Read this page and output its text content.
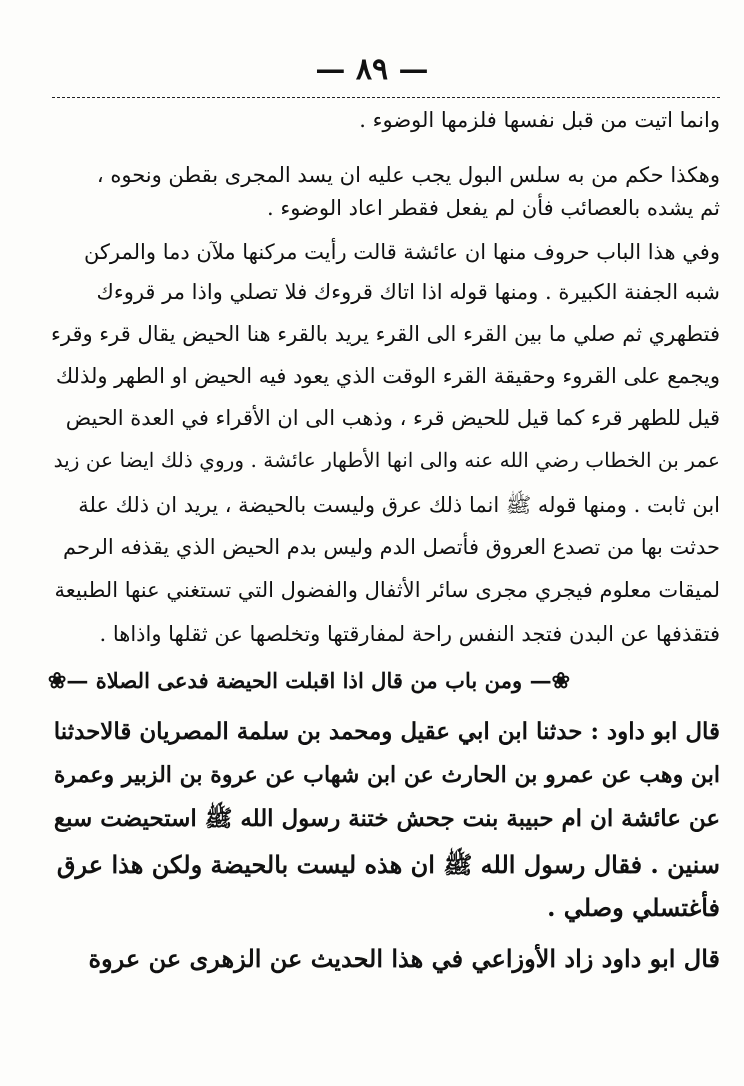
— ٨٩ —
وانما اتيت من قبل نفسها فلزمها الوضوء .
وهكذا حكم من به سلس البول يجب عليه ان يسد المجرى بقطن ونحوه ،
ثم يشده بالعصائب فأن لم يفعل فقطر اعاد الوضوء .
وفي هذا الباب حروف منها ان عائشة قالت رأيت مركنها ملآن دما والمركن
شبه الجفنة الكبيرة . ومنها قوله اذا اتاك قروءك فلا تصلي واذا مر قروءك
فتطهري ثم صلي ما بين القرء الى القرء يريد بالقرء هنا الحيض يقال قرء وقرء
ويجمع على القروء وحقيقة القرء الوقت الذي يعود فيه الحيض او الطهر ولذلك
قيل للطهر قرء كما قيل للحيض قرء ، وذهب الى ان الأقراء في العدة الحيض
عمر بن الخطاب رضي الله عنه والى انها الأطهار عائشة . وروي ذلك ايضا عن زيد
ابن ثابت . ومنها قوله ﷺ انما ذلك عرق وليست بالحيضة ، يريد ان ذلك علة
حدثت بها من تصدع العروق فأتصل الدم وليس بدم الحيض الذي يقذفه الرحم
لميقات معلوم فيجري مجرى سائر الأثفال والفضول التي تستغني عنها الطبيعة
فتقذفها عن البدن فتجد النفس راحة لمفارقتها وتخلصها عن ثقلها واذاها .
❀— ومن باب من قال اذا اقبلت الحيضة فدعى الصلاة —❀
قال ابو داود : حدثنا ابن ابي عقيل ومحمد بن سلمة المصريان قالاحدثنا
ابن وهب عن عمرو بن الحارث عن ابن شهاب عن عروة بن الزبير وعمرة
عن عائشة ان ام حبيبة بنت جحش ختنة رسول الله ﷺ استحيضت سبع
سنين . فقال رسول الله ﷺ ان هذه ليست بالحيضة ولكن هذا عرق
فأغتسلي وصلي .
قال ابو داود زاد الأوزاعي في هذا الحديث عن الزهرى عن عروة
